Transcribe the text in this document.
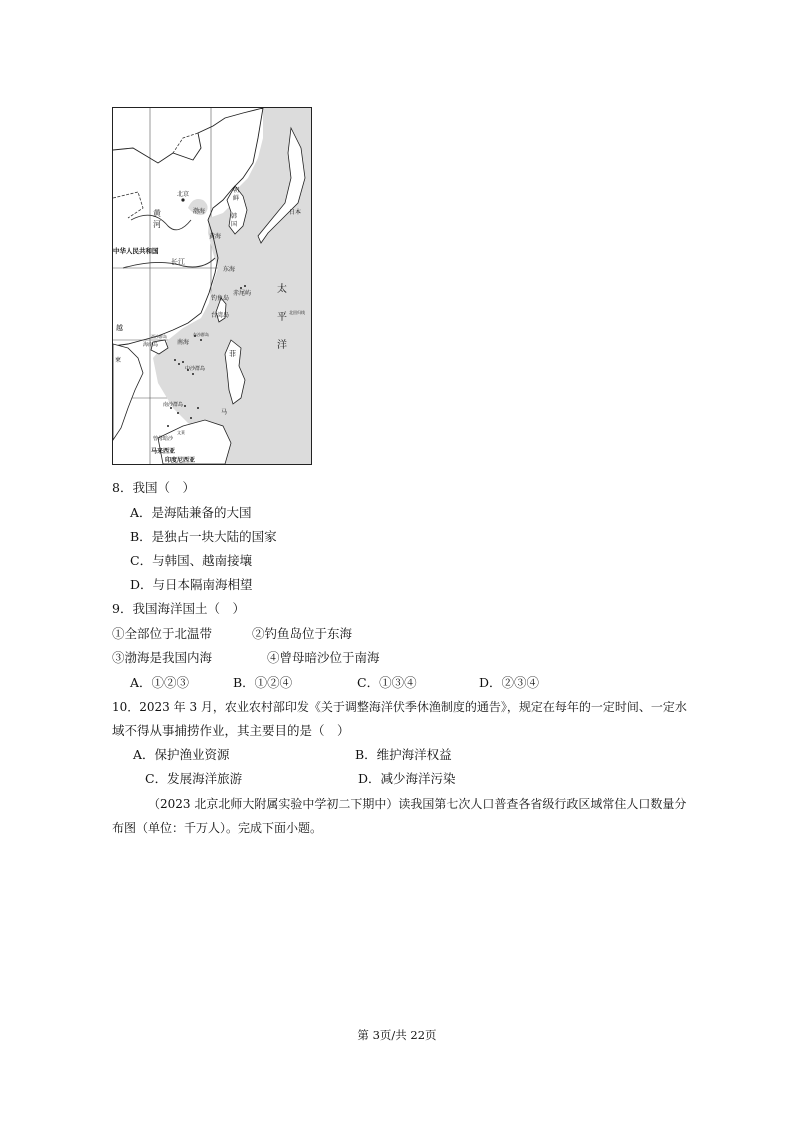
北京
黄
河
渤海
朝
鲜
韩
国
日本
黄海
中华人民共和国
长江
东海
钓鱼岛
赤尾屿
台湾岛	北回归线
太
平
洋
越
海南岛
西沙群岛	东沙群岛
南海
中沙群岛
菲
南沙群岛
曾母暗沙
文莱
马来西亚
印度尼西亚
柬
马
8．我国（　）
A．是海陆兼备的大国
B．是独占一块大陆的国家
C．与韩国、越南接壤
D．与日本隔南海相望
9．我国海洋国土（　）
①全部位于北温带	②钓鱼岛位于东海
③渤海是我国内海	④曾母暗沙位于南海
A．①②③	B．①②④	C．①③④	D．②③④
10．2023 年 3 月，农业农村部印发《关于调整海洋伏季休渔制度的通告》，规定在每年的一定时间、一定水
域不得从事捕捞作业，其主要目的是（　）
A．保护渔业资源	B．维护海洋权益
C．发展海洋旅游	D．减少海洋污染
（2023 北京北师大附属实验中学初二下期中）读我国第七次人口普查各省级行政区域常住人口数量分
布图（单位：千万人）。完成下面小题。
第 3页/共 22页
